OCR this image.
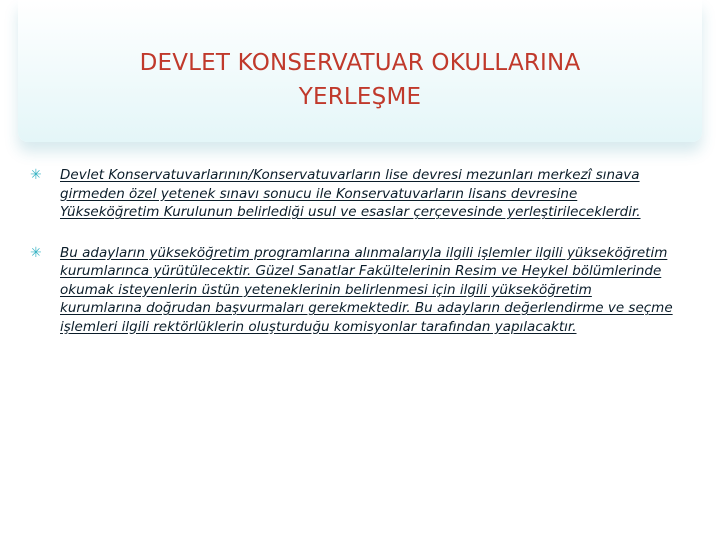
DEVLET KONSERVATUAR OKULLARINA
YERLEŞME
✳ Devlet Konservatuvarlarının/Konservatuvarların lise devresi mezunları merkezî sınava girmeden özel yetenek sınavı sonucu ile Konservatuvarların lisans devresine Yükseköğretim Kurulunun belirlediği usul ve esaslar çerçevesinde yerleştirileceklerdir.

✳ Bu adayların yükseköğretim programlarına alınmalarıyla ilgili işlemler ilgili yükseköğretim kurumlarınca yürütülecektir. Güzel Sanatlar Fakültelerinin Resim ve Heykel bölümlerinde okumak isteyenlerin üstün yeteneklerinin belirlenmesi için ilgili yükseköğretim kurumlarına doğrudan başvurmaları gerekmektedir. Bu adayların değerlendirme ve seçme işlemleri ilgili rektörlüklerin oluşturduğu komisyonlar tarafından yapılacaktır.
